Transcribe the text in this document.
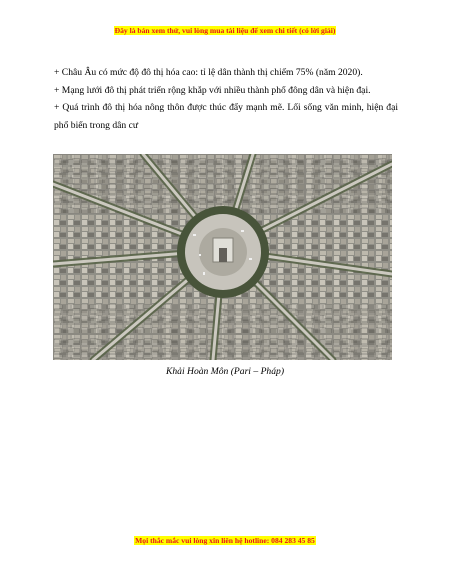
Đây là bản xem thử, vui lòng mua tài liệu để xem chi tiết (có lời giải)

+ Châu Âu có mức độ đô thị hóa cao: tỉ lệ dân thành thị chiếm 75% (năm 2020).

+ Mạng lưới đô thị phát triển rộng khắp với nhiều thành phố đông dân và hiện đại.

+ Quá trình đô thị hóa nông thôn được thúc đẩy mạnh mẽ. Lối sống văn minh, hiện đại phổ biến trong dân cư

Khải Hoàn Môn (Pari – Pháp)
Mọi thắc mắc vui lòng xin liên hệ hotline: 084 283 45 85
